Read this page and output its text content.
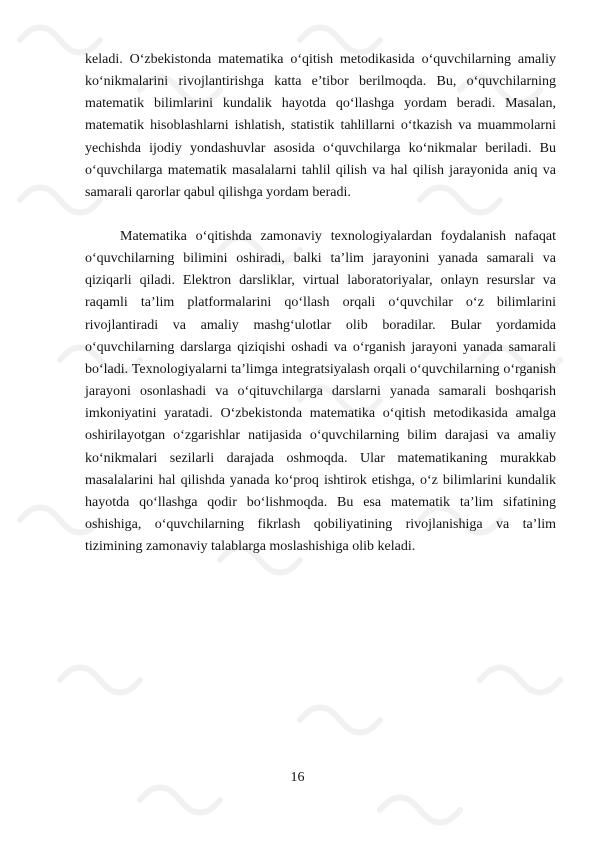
keladi. O‘zbekistonda matematika o‘qitish metodikasida o‘quvchilarning amaliy ko‘nikmalarini rivojlantirishga katta e’tibor berilmoqda. Bu, o‘quvchilarning matematik bilimlarini kundalik hayotda qo‘llashga yordam beradi. Masalan, matematik hisoblashlarni ishlatish, statistik tahlillarni o‘tkazish va muammolarni yechishda ijodiy yondashuvlar asosida o‘quvchilarga ko‘nikmalar beriladi. Bu o‘quvchilarga matematik masalalarni tahlil qilish va hal qilish jarayonida aniq va samarali qarorlar qabul qilishga yordam beradi.

Matematika o‘qitishda zamonaviy texnologiyalardan foydalanish nafaqat o‘quvchilarning bilimini oshiradi, balki ta’lim jarayonini yanada samarali va qiziqarli qiladi. Elektron darsliklar, virtual laboratoriyalar, onlayn resurslar va raqamli ta’lim platformalarini qo‘llash orqali o‘quvchilar o‘z bilimlarini rivojlantiradi va amaliy mashg‘ulotlar olib boradilar. Bular yordamida o‘quvchilarning darslarga qiziqishi oshadi va o‘rganish jarayoni yanada samarali bo‘ladi. Texnologiyalarni ta’limga integratsiyalash orqali o‘quvchilarning o‘rganish jarayoni osonlashadi va o‘qituvchilarga darslarni yanada samarali boshqarish imkoniyatini yaratadi. O‘zbekistonda matematika o‘qitish metodikasida amalga oshirilayotgan o‘zgarishlar natijasida o‘quvchilarning bilim darajasi va amaliy ko‘nikmalari sezilarli darajada oshmoqda. Ular matematikaning murakkab masalalarini hal qilishda yanada ko‘proq ishtirok etishga, o‘z bilimlarini kundalik hayotda qo‘llashga qodir bo‘lishmoqda. Bu esa matematik ta’lim sifatining oshishiga, o‘quvchilarning fikrlash qobiliyatining rivojlanishiga va ta’lim tizimining zamonaviy talablarga moslashishiga olib keladi.

16
